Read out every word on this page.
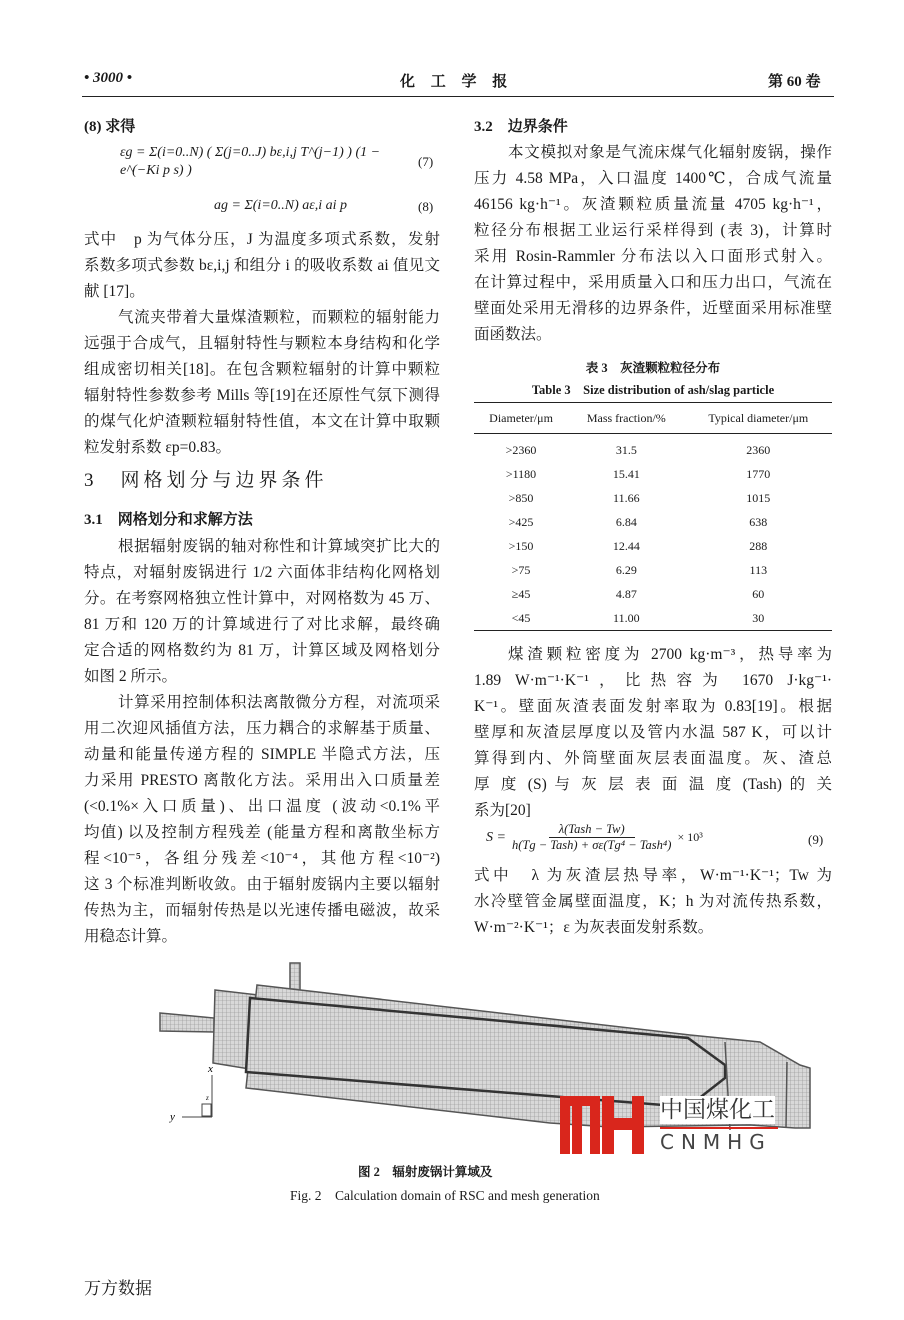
• 3000 •	化 工 学 报	第 60 卷
(8) 求得
εg = Σ(i=0..N) ( Σ(j=0..J) bε,i,j T^(j−1) ) (1 − e^(−Ki p s) )
(7)
ag = Σ(i=0..N) aε,i ai p	(8)
式中　p 为气体分压，J 为温度多项式系数，发射
系数多项式参数 bε,i,j 和组分 i 的吸收系数 ai 值见文
献 [17]。
气流夹带着大量煤渣颗粒，而颗粒的辐射能力
远强于合成气，且辐射特性与颗粒本身结构和化学
组成密切相关[18]。在包含颗粒辐射的计算中颗粒
辐射特性参数参考 Mills 等[19]在还原性气氛下测得
的煤气化炉渣颗粒辐射特性值，本文在计算中取颗
粒发射系数 εp=0.83。
3　网格划分与边界条件
3.1　网格划分和求解方法
根据辐射废锅的轴对称性和计算域突扩比大的
特点，对辐射废锅进行 1/2 六面体非结构化网格划
分。在考察网格独立性计算中，对网格数为 45 万、
81 万和 120 万的计算域进行了对比求解，最终确
定合适的网格数约为 81 万，计算区域及网格划分
如图 2 所示。
计算采用控制体积法离散微分方程，对流项采
用二次迎风插值方法，压力耦合的求解基于质量、
动量和能量传递方程的 SIMPLE 半隐式方法，压
力采用 PRESTO 离散化方法。采用出入口质量差
(<0.1%×入口质量)、出口温度 (波动<0.1%平
均值) 以及控制方程残差 (能量方程和离散坐标方
程<10⁻⁵，各组分残差<10⁻⁴，其他方程<10⁻²)
这 3 个标准判断收敛。由于辐射废锅内主要以辐射
传热为主，而辐射传热是以光速传播电磁波，故采
用稳态计算。
3.2　边界条件
本文模拟对象是气流床煤气化辐射废锅，操作
压力 4.58 MPa，入口温度 1400℃，合成气流量
46156 kg·h⁻¹。灰渣颗粒质量流量 4705 kg·h⁻¹，
粒径分布根据工业运行采样得到 (表 3)，计算时
采用 Rosin-Rammler 分布法以入口面形式射入。
在计算过程中，采用质量入口和压力出口，气流在
壁面处采用无滑移的边界条件，近壁面采用标准壁
面函数法。
表 3　灰渣颗粒粒径分布
Table 3　Size distribution of ash/slag particle
Diameter/μm	Mass fraction/%	Typical diameter/μm
>2360	31.5	2360
>1180	15.41	1770
>850	11.66	1015
>425	6.84	638
>150	12.44	288
>75	6.29	113
≥45	4.87	60
<45	11.00	30
煤渣颗粒密度为 2700 kg·m⁻³，热导率为
1.89 W·m⁻¹·K⁻¹，比热容为 1670 J·kg⁻¹·
K⁻¹。壁面灰渣表面发射率取为 0.83[19]。根据
壁厚和灰渣层厚度以及管内水温 587 K，可以计
算得到内、外筒壁面灰层表面温度。灰、渣总
厚 度 (S) 与 灰 层 表 面 温 度 (Tash) 的 关
系为[20]
S =
λ(Tash − Tw)
h(Tg − Tash) + σε(Tg⁴ − Tash⁴)
× 10³	(9)
式中　λ 为灰渣层热导率，W·m⁻¹·K⁻¹；Tw 为
水冷壁管金属壁面温度，K；h 为对流传热系数，
W·m⁻²·K⁻¹；ε 为灰表面发射系数。
x
y
z
图 2　辐射废锅计算域及
Fig. 2　Calculation domain of RSC and mesh generation
中国煤化工
CNMHG
万方数据
